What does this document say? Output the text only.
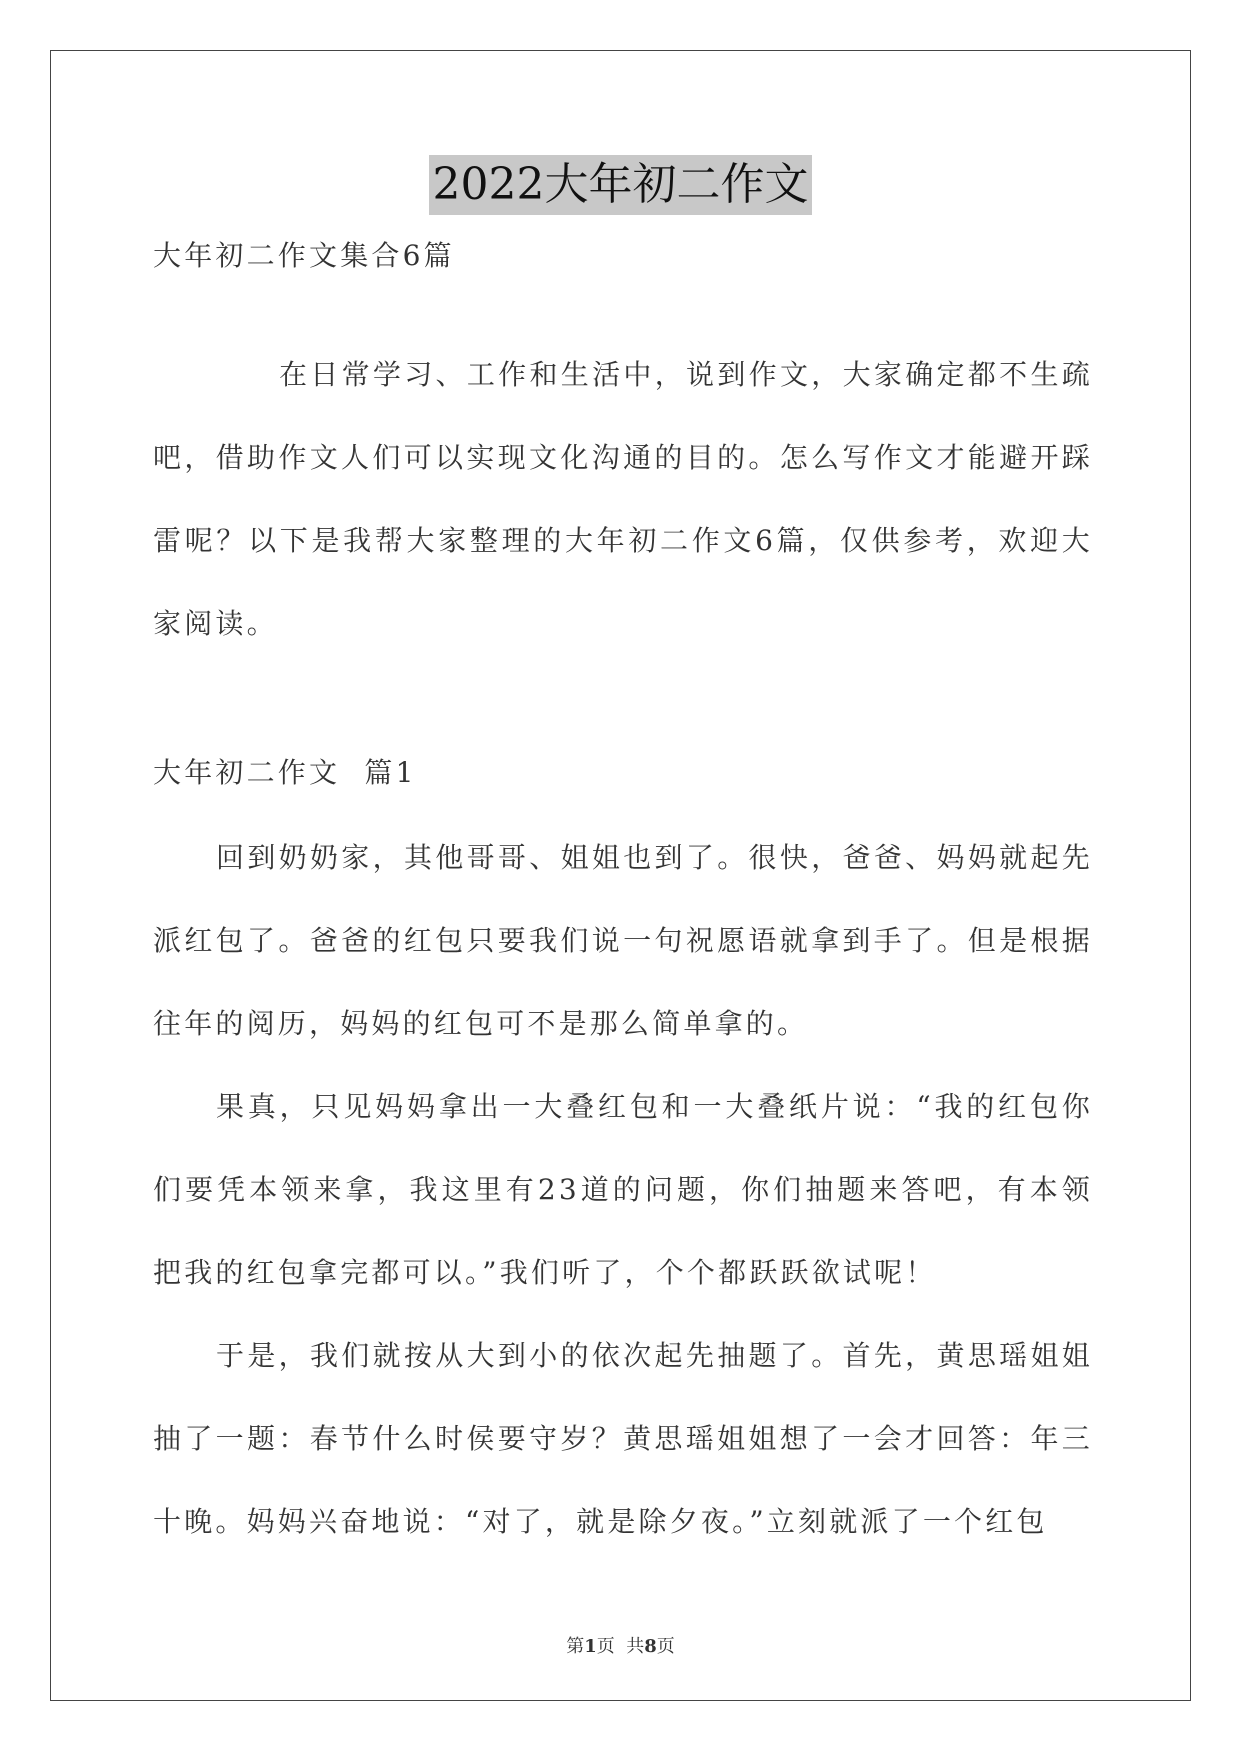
2022大年初二作文
大年初二作文集合6篇

在日常学习、工作和生活中，说到作文，大家确定都不生疏吧，借助作文人们可以实现文化沟通的目的。怎么写作文才能避开踩雷呢？以下是我帮大家整理的大年初二作文6篇，仅供参考，欢迎大家阅读。

大年初二作文  篇1

回到奶奶家，其他哥哥、姐姐也到了。很快，爸爸、妈妈就起先派红包了。爸爸的红包只要我们说一句祝愿语就拿到手了。但是根据往年的阅历，妈妈的红包可不是那么简单拿的。

果真，只见妈妈拿出一大叠红包和一大叠纸片说：“我的红包你们要凭本领来拿，我这里有23道的问题，你们抽题来答吧，有本领把我的红包拿完都可以。”我们听了，个个都跃跃欲试呢！

于是，我们就按从大到小的依次起先抽题了。首先，黄思瑶姐姐抽了一题：春节什么时侯要守岁？黄思瑶姐姐想了一会才回答：年三十晚。妈妈兴奋地说：“对了，就是除夕夜。”立刻就派了一个红包

第1页  共8页
